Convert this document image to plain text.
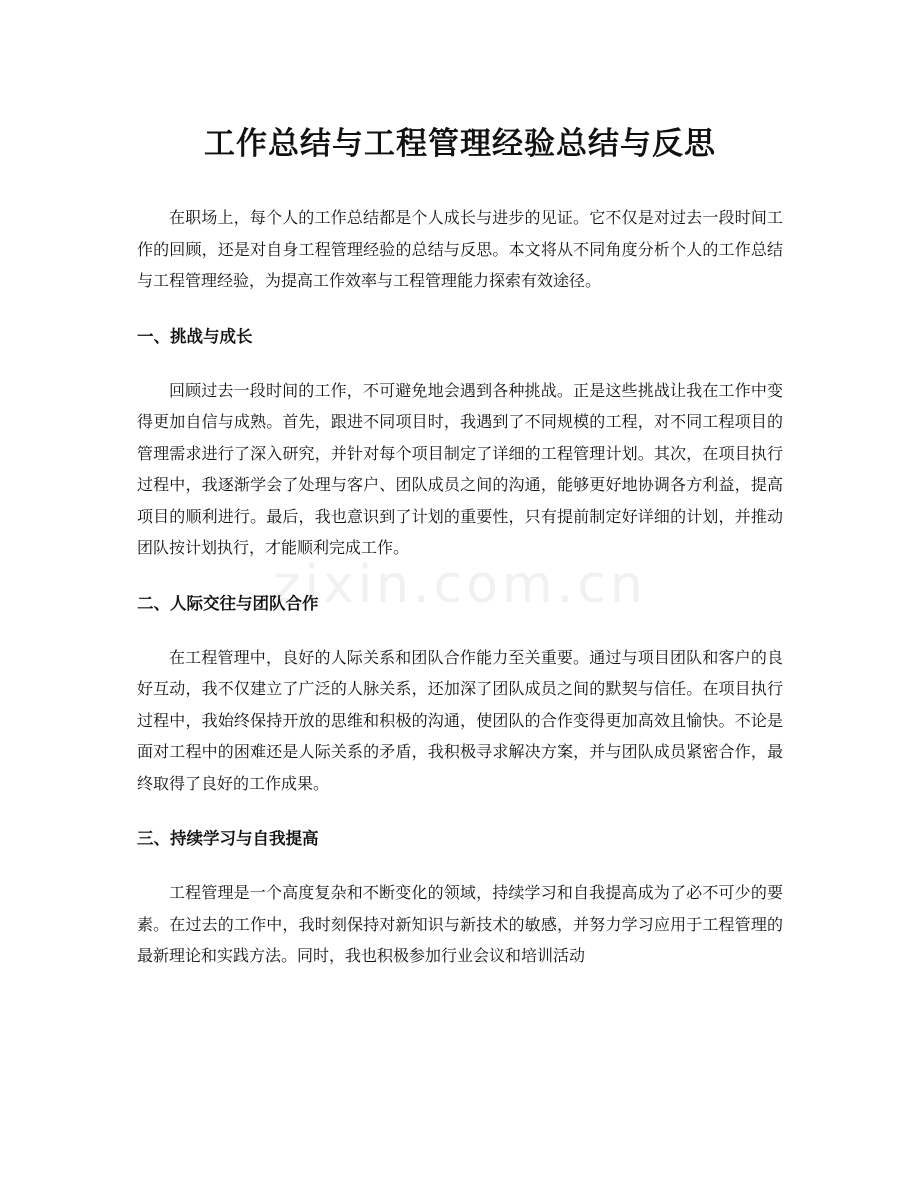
工作总结与工程管理经验总结与反思

在职场上，每个人的工作总结都是个人成长与进步的见证。它不仅是对过去一段时间工作的回顾，还是对自身工程管理经验的总结与反思。本文将从不同角度分析个人的工作总结与工程管理经验，为提高工作效率与工程管理能力探索有效途径。

一、挑战与成长

回顾过去一段时间的工作，不可避免地会遇到各种挑战。正是这些挑战让我在工作中变得更加自信与成熟。首先，跟进不同项目时，我遇到了不同规模的工程，对不同工程项目的管理需求进行了深入研究，并针对每个项目制定了详细的工程管理计划。其次，在项目执行过程中，我逐渐学会了处理与客户、团队成员之间的沟通，能够更好地协调各方利益，提高项目的顺利进行。最后，我也意识到了计划的重要性，只有提前制定好详细的计划，并推动团队按计划执行，才能顺利完成工作。

二、人际交往与团队合作

在工程管理中，良好的人际关系和团队合作能力至关重要。通过与项目团队和客户的良好互动，我不仅建立了广泛的人脉关系，还加深了团队成员之间的默契与信任。在项目执行过程中，我始终保持开放的思维和积极的沟通，使团队的合作变得更加高效且愉快。不论是面对工程中的困难还是人际关系的矛盾，我积极寻求解决方案，并与团队成员紧密合作，最终取得了良好的工作成果。

三、持续学习与自我提高

工程管理是一个高度复杂和不断变化的领域，持续学习和自我提高成为了必不可少的要素。在过去的工作中，我时刻保持对新知识与新技术的敏感，并努力学习应用于工程管理的最新理论和实践方法。同时，我也积极参加行业会议和培训活动

zixin.com.cn
